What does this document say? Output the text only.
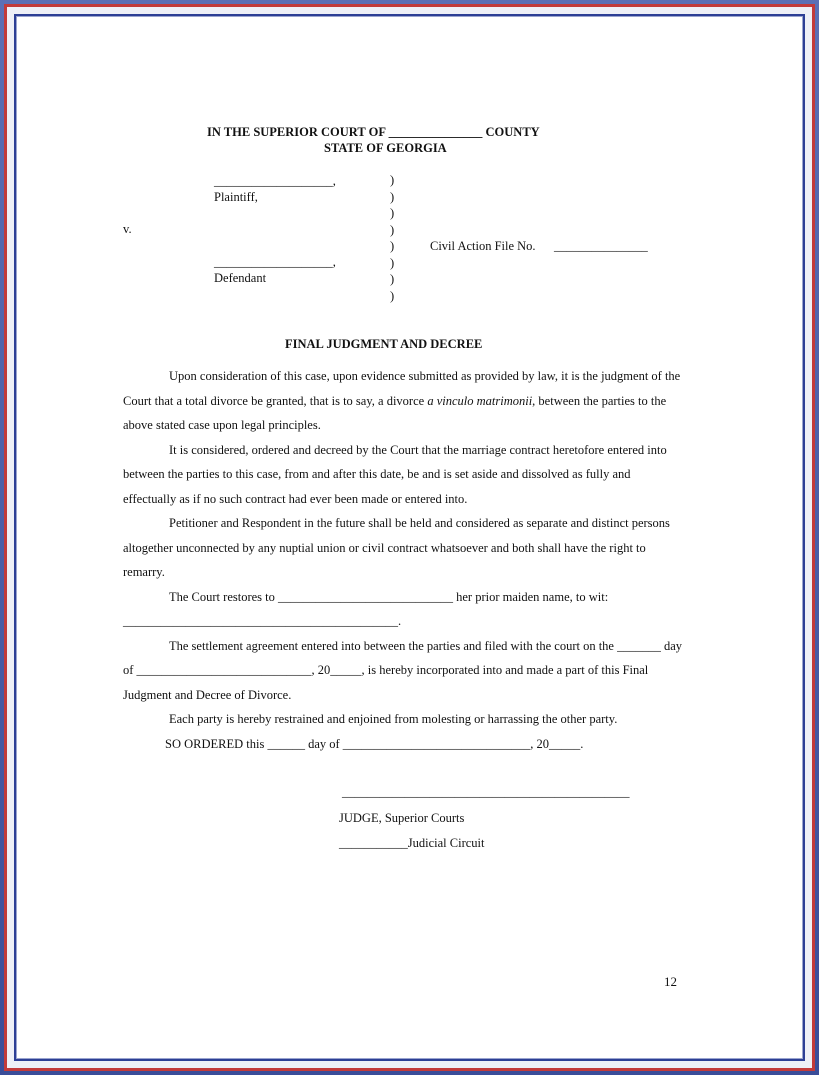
IN THE SUPERIOR COURT OF _______________ COUNTY
STATE OF GEORGIA
___________________,
Plaintiff,
v.
___________________,
Defendant
)
)
)
)
)
)
)
)
Civil Action File No. _______________
FINAL JUDGMENT AND DECREE

Upon consideration of this case, upon evidence submitted as provided by law, it is the judgment of the Court that a total divorce be granted, that is to say, a divorce a vinculo matrimonii, between the parties to the above stated case upon legal principles.

It is considered, ordered and decreed by the Court that the marriage contract heretofore entered into between the parties to this case, from and after this date, be and is set aside and dissolved as fully and effectually as if no such contract had ever been made or entered into.

Petitioner and Respondent in the future shall be held and considered as separate and distinct persons altogether unconnected by any nuptial union or civil contract whatsoever and both shall have the right to remarry.

The Court restores to ____________________________ her prior maiden name, to wit: ____________________________________________.

The settlement agreement entered into between the parties and filed with the court on the _______ day of ____________________________, 20_____, is hereby incorporated into and made a part of this Final Judgment and Decree of Divorce.

Each party is hereby restrained and enjoined from molesting or harrassing the other party.

SO ORDERED this ______ day of ______________________________, 20_____.

______________________________________________
JUDGE, Superior Courts
___________Judicial Circuit
12
